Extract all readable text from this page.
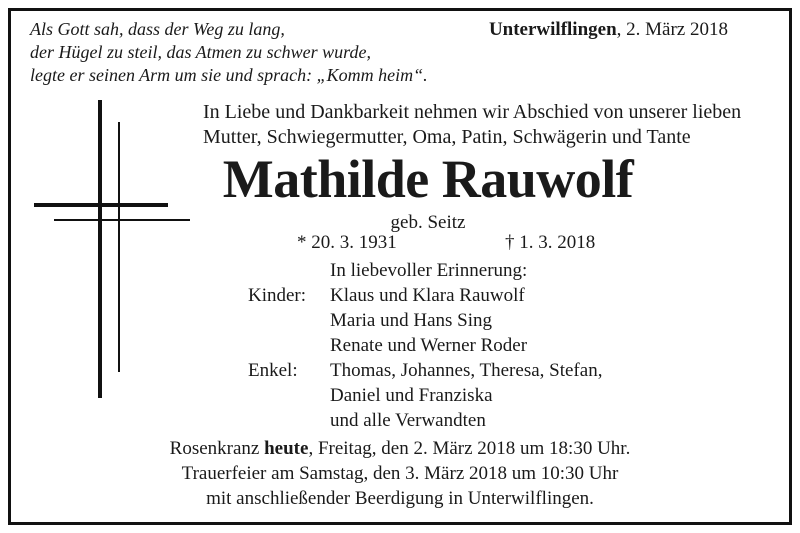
Als Gott sah, dass der Weg zu lang,
der Hügel zu steil, das Atmen zu schwer wurde,
legte er seinen Arm um sie und sprach: „Komm heim“.
Unterwilflingen, 2. März 2018
In Liebe und Dankbarkeit nehmen wir Abschied von unserer lieben
Mutter, Schwiegermutter, Oma, Patin, Schwägerin und Tante
Mathilde Rauwolf
geb. Seitz
* 20. 3. 1931	† 1. 3. 2018
In liebevoller Erinnerung:
Kinder:	Klaus und Klara Rauwolf
Maria und Hans Sing
Renate und Werner Roder
Enkel:	Thomas, Johannes, Theresa, Stefan,
Daniel und Franziska
und alle Verwandten
Rosenkranz heute, Freitag, den 2. März 2018 um 18:30 Uhr.
Trauerfeier am Samstag, den 3. März 2018 um 10:30 Uhr
mit anschließender Beerdigung in Unterwilflingen.
